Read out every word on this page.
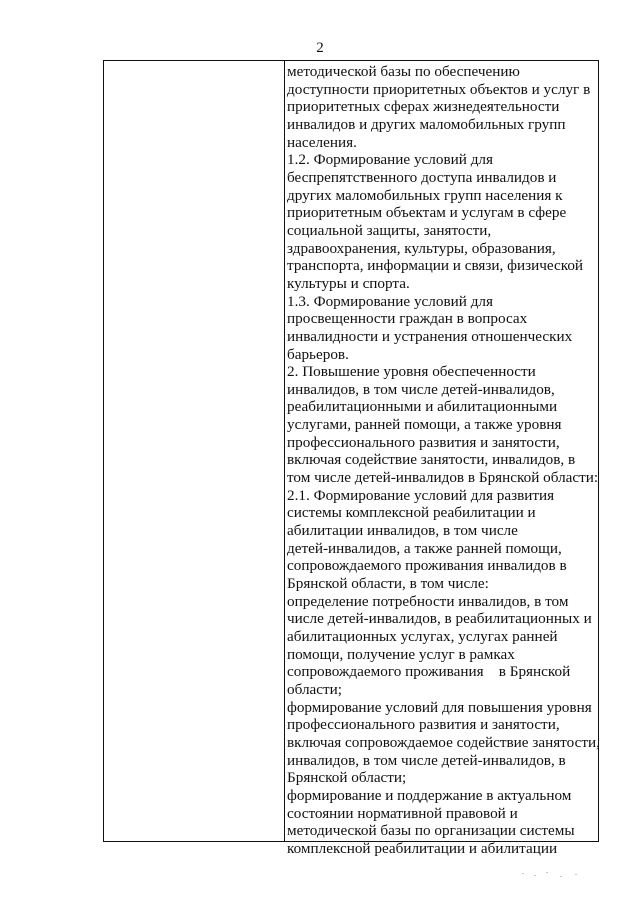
2

методической базы по обеспечению

доступности приоритетных объектов и услуг в

приоритетных сферах жизнедеятельности

инвалидов и других маломобильных групп

населения.

1.2. Формирование условий для

беспрепятственного доступа инвалидов и

других маломобильных групп населения к

приоритетным объектам и услугам в сфере

социальной защиты, занятости,

здравоохранения, культуры, образования,

транспорта, информации и связи, физической

культуры и спорта.

1.3. Формирование условий для

просвещенности граждан в вопросах

инвалидности и устранения отношенческих

барьеров.

2. Повышение уровня обеспеченности

инвалидов, в том числе детей-инвалидов,

реабилитационными и абилитационными

услугами, ранней помощи, а также уровня

профессионального развития и занятости,

включая содействие занятости, инвалидов, в

том числе детей-инвалидов в Брянской области:

2.1. Формирование условий для развития

системы комплексной реабилитации и

абилитации инвалидов, в том числе

детей-инвалидов, а также ранней помощи,

сопровождаемого проживания инвалидов в

Брянской области, в том числе:

определение потребности инвалидов, в том

числе детей-инвалидов, в реабилитационных и

абилитационных услугах, услугах ранней

помощи, получение услуг в рамках

сопровождаемого проживания    в Брянской

области;

формирование условий для повышения уровня

профессионального развития и занятости,

включая сопровождаемое содействие занятости,

инвалидов, в том числе детей-инвалидов, в

Брянской области;

формирование и поддержание в актуальном

состоянии нормативной правовой и

методической базы по организации системы

комплексной реабилитации и абилитации
